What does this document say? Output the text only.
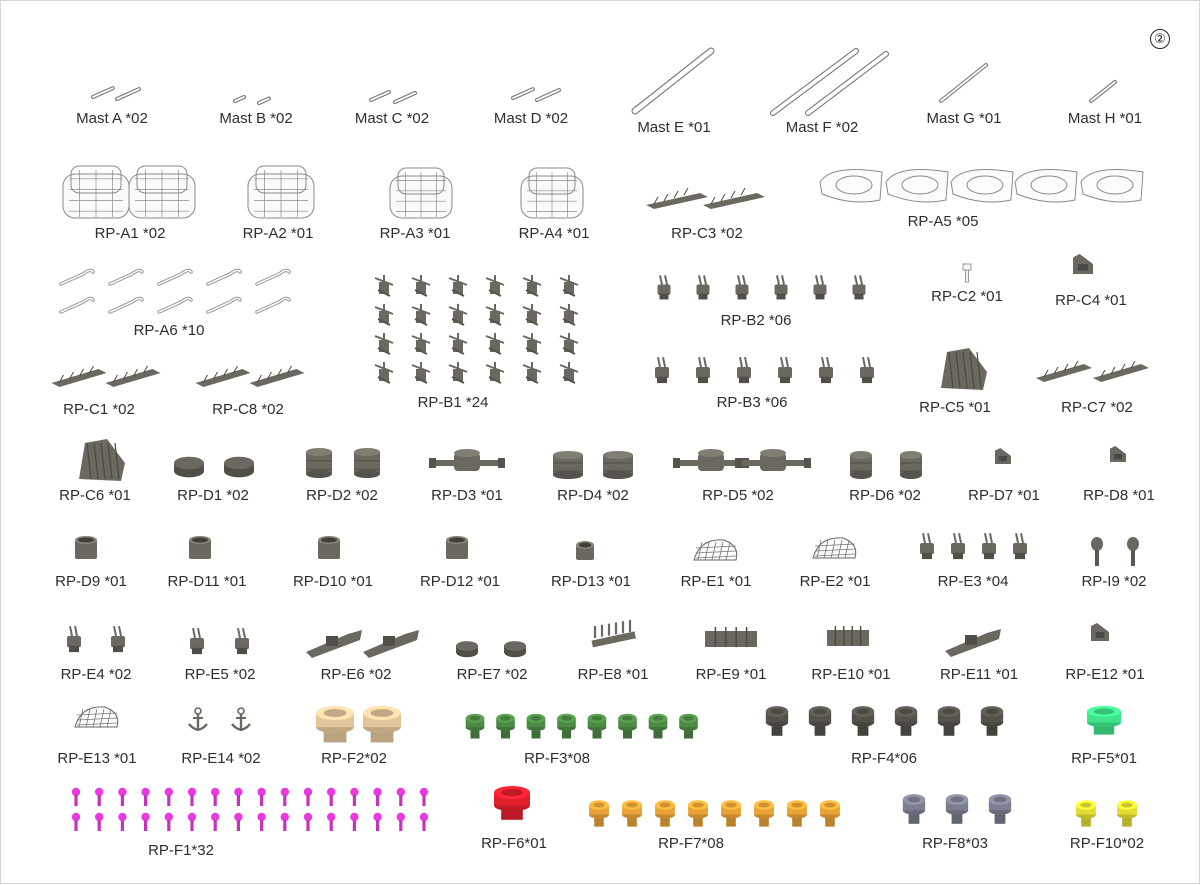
②
Mast A *02	Mast B *02	Mast C *02	Mast D *02
Mast E *01	Mast F *02
Mast G *01	Mast H *01
RP-A1 *02	RP-A2 *01	RP-A3 *01	RP-A4 *01	RP-C3 *02
RP-A5 *05
RP-A6 *10
RP-B1 *24
RP-B2 *06
RP-C2 *01	RP-C4 *01
RP-C1 *02	RP-C8 *02	RP-B3 *06	RP-C5 *01	RP-C7 *02
RP-C6 *01	RP-D1 *02	RP-D2 *02	RP-D3 *01	RP-D4 *02	RP-D5 *02	RP-D6 *02	RP-D7 *01	RP-D8 *01
RP-D9 *01	RP-D11 *01	RP-D10 *01	RP-D12 *01	RP-D13 *01	RP-E1 *01	RP-E2 *01	RP-E3 *04	RP-I9 *02
RP-E4 *02	RP-E5 *02	RP-E6 *02	RP-E7 *02	RP-E8 *01	RP-E9 *01	RP-E10 *01	RP-E11 *01	RP-E12 *01
RP-E13 *01	RP-E14 *02	RP-F2*02	RP-F3*08	RP-F4*06	RP-F5*01
RP-F1*32	RP-F6*01	RP-F7*08	RP-F8*03	RP-F10*02
